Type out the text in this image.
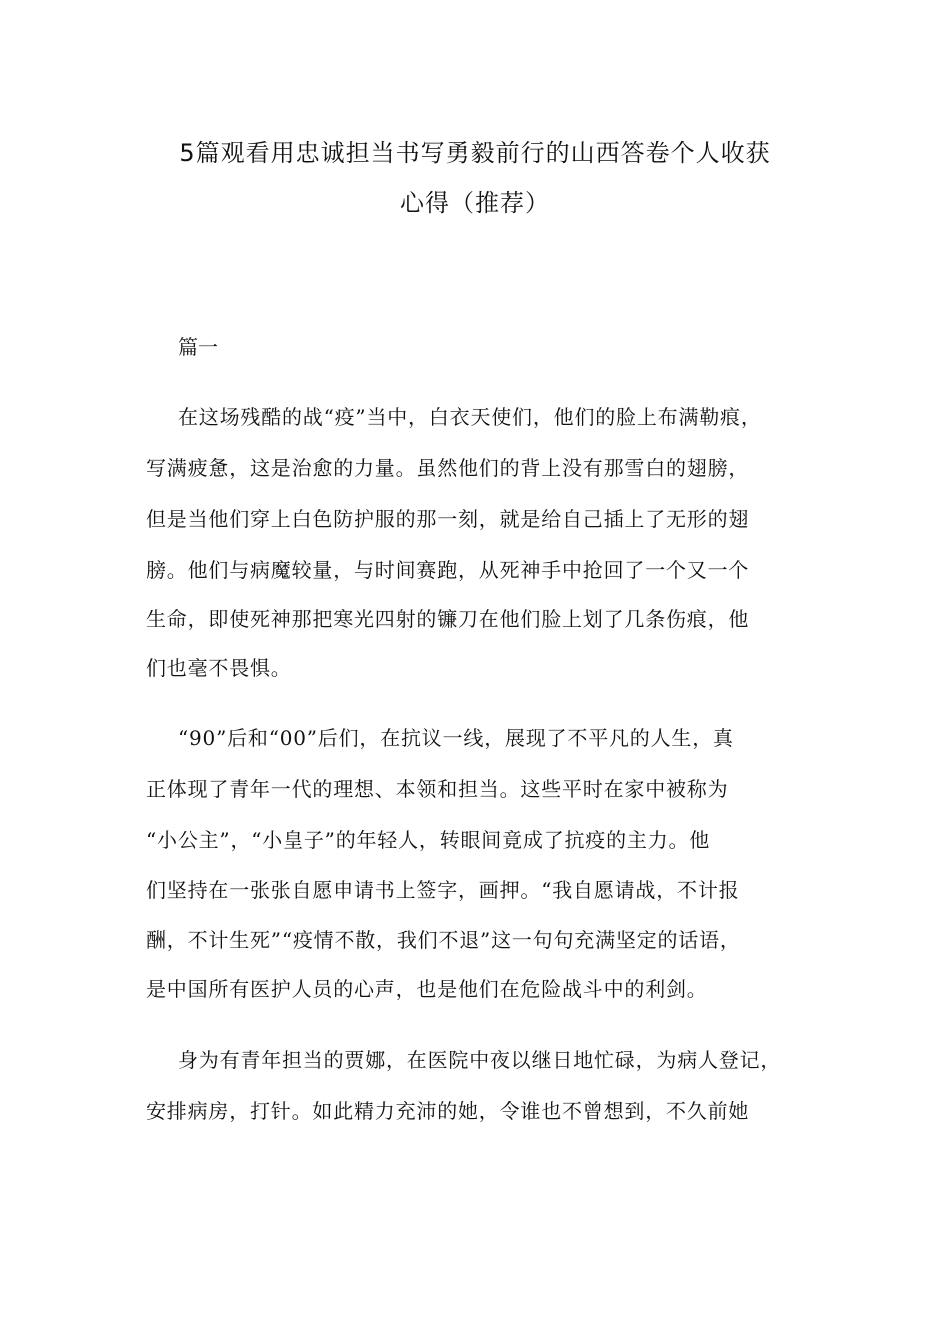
5篇观看用忠诚担当书写勇毅前行的山西答卷个人收获
心得（推荐）
篇一
在这场残酷的战“疫”当中，白衣天使们，他们的脸上布满勒痕，
写满疲惫，这是治愈的力量。虽然他们的背上没有那雪白的翅膀，
但是当他们穿上白色防护服的那一刻，就是给自己插上了无形的翅
膀。他们与病魔较量，与时间赛跑，从死神手中抢回了一个又一个
生命，即使死神那把寒光四射的镰刀在他们脸上划了几条伤痕，他
们也毫不畏惧。
“90”后和“00”后们，在抗议一线，展现了不平凡的人生，真
正体现了青年一代的理想、本领和担当。这些平时在家中被称为
“小公主”，“小皇子”的年轻人，转眼间竟成了抗疫的主力。他
们坚持在一张张自愿申请书上签字，画押。“我自愿请战，不计报
酬，不计生死”“疫情不散，我们不退”这一句句充满坚定的话语，
是中国所有医护人员的心声，也是他们在危险战斗中的利剑。
身为有青年担当的贾娜，在医院中夜以继日地忙碌，为病人登记，
安排病房，打针。如此精力充沛的她，令谁也不曾想到，不久前她
